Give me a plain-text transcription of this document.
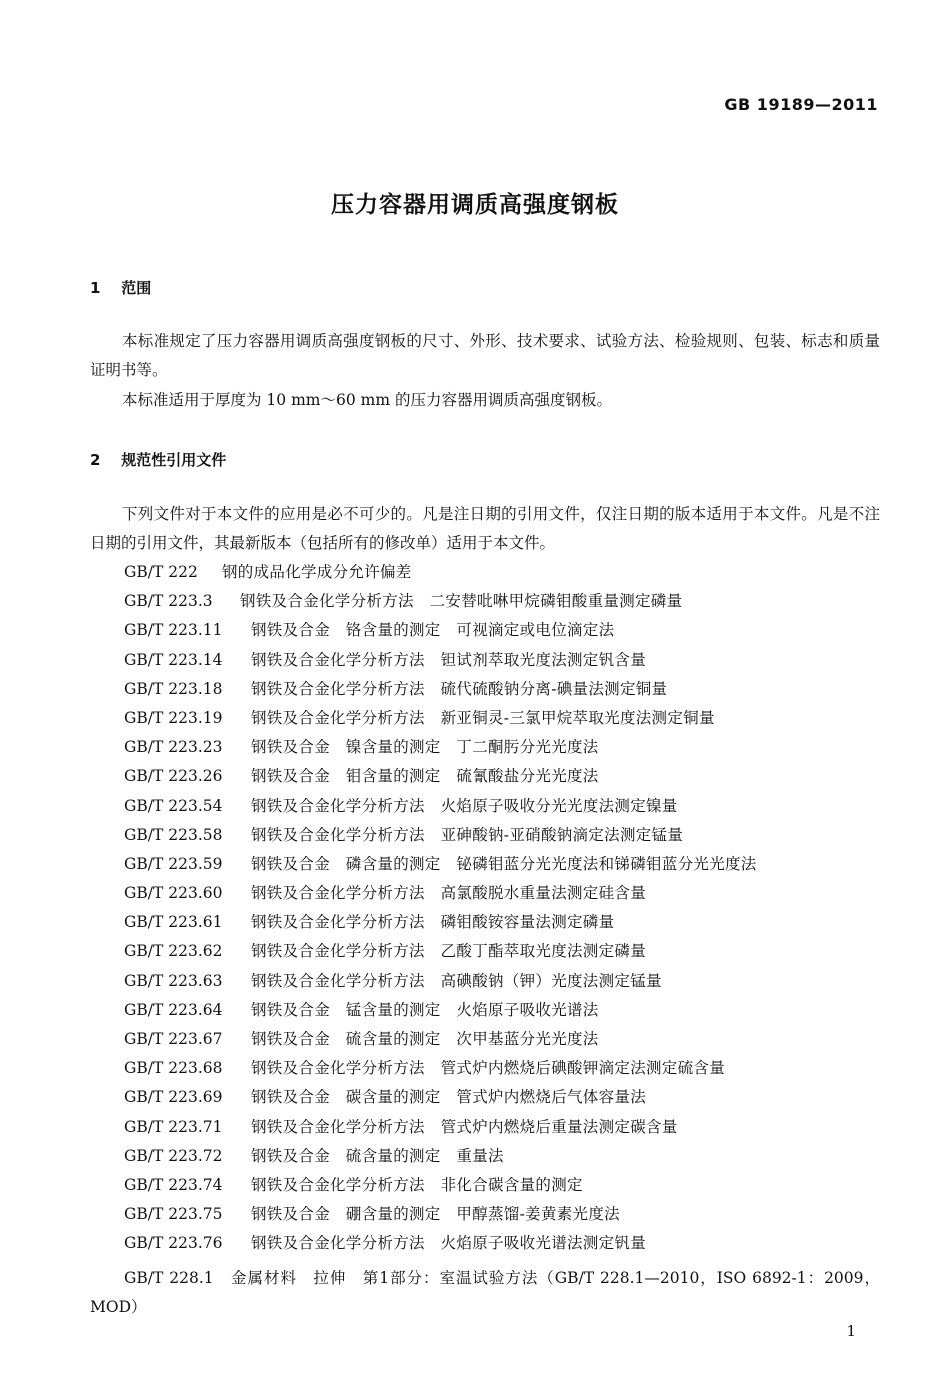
GB 19189—2011
压力容器用调质高强度钢板
1 范围

本标准规定了压力容器用调质高强度钢板的尺寸、外形、技术要求、试验方法、检验规则、包装、标志和质量证明书等。

本标准适用于厚度为 10 mm～60 mm 的压力容器用调质高强度钢板。

2 规范性引用文件

下列文件对于本文件的应用是必不可少的。凡是注日期的引用文件，仅注日期的版本适用于本文件。凡是不注日期的引用文件，其最新版本（包括所有的修改单）适用于本文件。

GB/T 222 钢的成品化学成分允许偏差
GB/T 223.3 钢铁及合金化学分析方法　二安替吡啉甲烷磷钼酸重量测定磷量
GB/T 223.11 钢铁及合金　铬含量的测定　可视滴定或电位滴定法
GB/T 223.14 钢铁及合金化学分析方法　钽试剂萃取光度法测定钒含量
GB/T 223.18 钢铁及合金化学分析方法　硫代硫酸钠分离-碘量法测定铜量
GB/T 223.19 钢铁及合金化学分析方法　新亚铜灵-三氯甲烷萃取光度法测定铜量
GB/T 223.23 钢铁及合金　镍含量的测定　丁二酮肟分光光度法
GB/T 223.26 钢铁及合金　钼含量的测定　硫氰酸盐分光光度法
GB/T 223.54 钢铁及合金化学分析方法　火焰原子吸收分光光度法测定镍量
GB/T 223.58 钢铁及合金化学分析方法　亚砷酸钠-亚硝酸钠滴定法测定锰量
GB/T 223.59 钢铁及合金　磷含量的测定　铋磷钼蓝分光光度法和锑磷钼蓝分光光度法
GB/T 223.60 钢铁及合金化学分析方法　高氯酸脱水重量法测定硅含量
GB/T 223.61 钢铁及合金化学分析方法　磷钼酸铵容量法测定磷量
GB/T 223.62 钢铁及合金化学分析方法　乙酸丁酯萃取光度法测定磷量
GB/T 223.63 钢铁及合金化学分析方法　高碘酸钠（钾）光度法测定锰量
GB/T 223.64 钢铁及合金　锰含量的测定　火焰原子吸收光谱法
GB/T 223.67 钢铁及合金　硫含量的测定　次甲基蓝分光光度法
GB/T 223.68 钢铁及合金化学分析方法　管式炉内燃烧后碘酸钾滴定法测定硫含量
GB/T 223.69 钢铁及合金　碳含量的测定　管式炉内燃烧后气体容量法
GB/T 223.71 钢铁及合金化学分析方法　管式炉内燃烧后重量法测定碳含量
GB/T 223.72 钢铁及合金　硫含量的测定　重量法
GB/T 223.74 钢铁及合金化学分析方法　非化合碳含量的测定
GB/T 223.75 钢铁及合金　硼含量的测定　甲醇蒸馏-姜黄素光度法
GB/T 223.76 钢铁及合金化学分析方法　火焰原子吸收光谱法测定钒量

GB/T 228.1　金属材料　拉伸　第1部分：室温试验方法（GB/T 228.1—2010，ISO 6892-1：2009，MOD）

1
